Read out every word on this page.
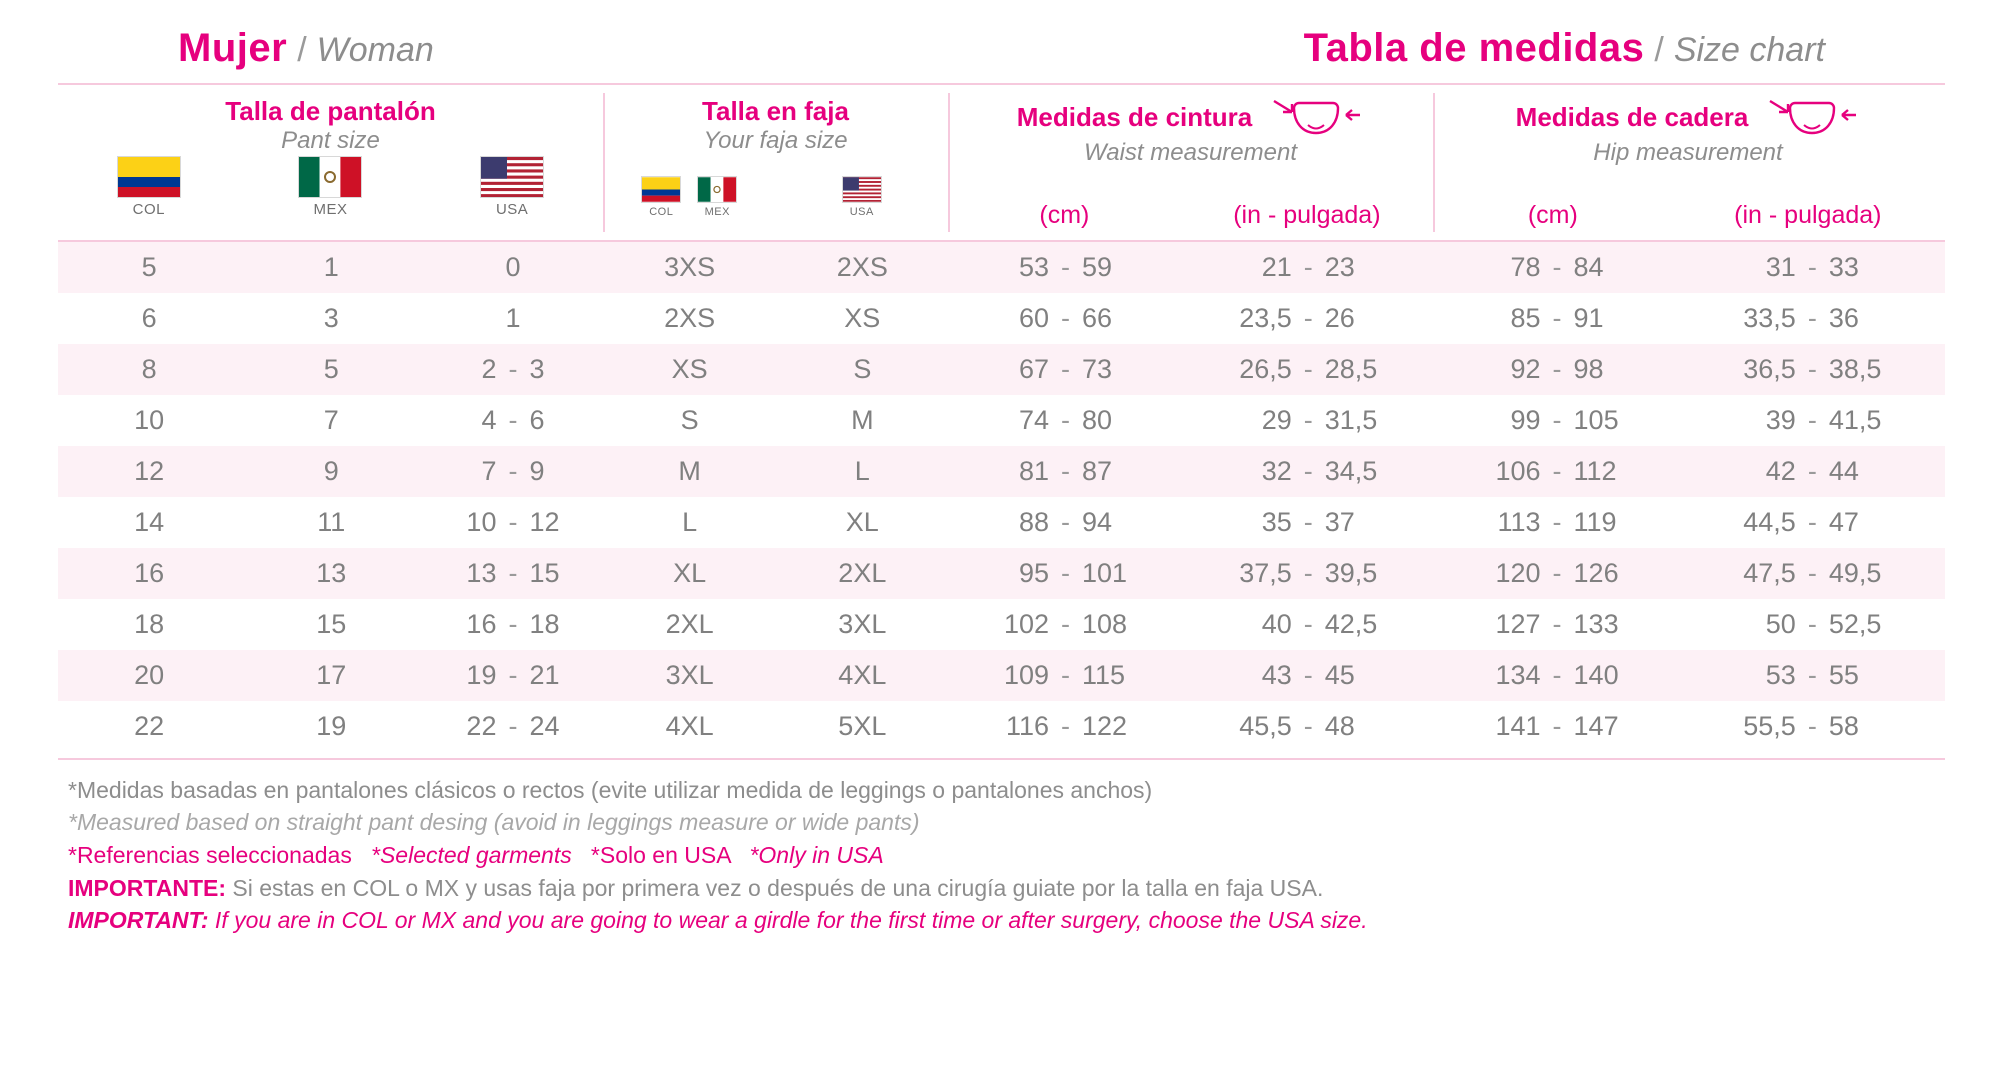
Mujer / Woman	Tabla de medidas / Size chart
Talla de pantalón
Pant size
COL	MEX	USA
Talla en faja
Your faja size
COL	MEX	USA
Medidas de cintura
Waist measurement
(cm)	(in - pulgada)
Medidas de cadera
Hip measurement
(cm)	(in - pulgada)
5	1	0	3XS	2XS	53 - 59	21 - 23	78 - 84	31 - 33

6	3	1	2XS	XS	60 - 66	23,5 - 26	85 - 91	33,5 - 36

8	5	2 - 3	XS	S	67 - 73	26,5 - 28,5	92 - 98	36,5 - 38,5

10	7	4 - 6	S	M	74 - 80	29 - 31,5	99 - 105	39 - 41,5

12	9	7 - 9	M	L	81 - 87	32 - 34,5	106 - 112	42 - 44

14	11	10 - 12	L	XL	88 - 94	35 - 37	113 - 119	44,5 - 47

16	13	13 - 15	XL	2XL	95 - 101	37,5 - 39,5	120 - 126	47,5 - 49,5

18	15	16 - 18	2XL	3XL	102 - 108	40 - 42,5	127 - 133	50 - 52,5

20	17	19 - 21	3XL	4XL	109 - 115	43 - 45	134 - 140	53 - 55

22	19	22 - 24	4XL	5XL	116 - 122	45,5 - 48	141 - 147	55,5 - 58
*Medidas basadas en pantalones clásicos o rectos (evite utilizar medida de leggings o pantalones anchos)
*Measured based on straight pant desing (avoid in leggings measure or wide pants)
*Referencias seleccionadas *Selected garments *Solo en USA *Only in USA
IMPORTANTE: Si estas en COL o MX y usas faja por primera vez o después de una cirugía guiate por la talla en faja USA.
IMPORTANT: If you are in COL or MX and you are going to wear a girdle for the first time or after surgery, choose the USA size.
